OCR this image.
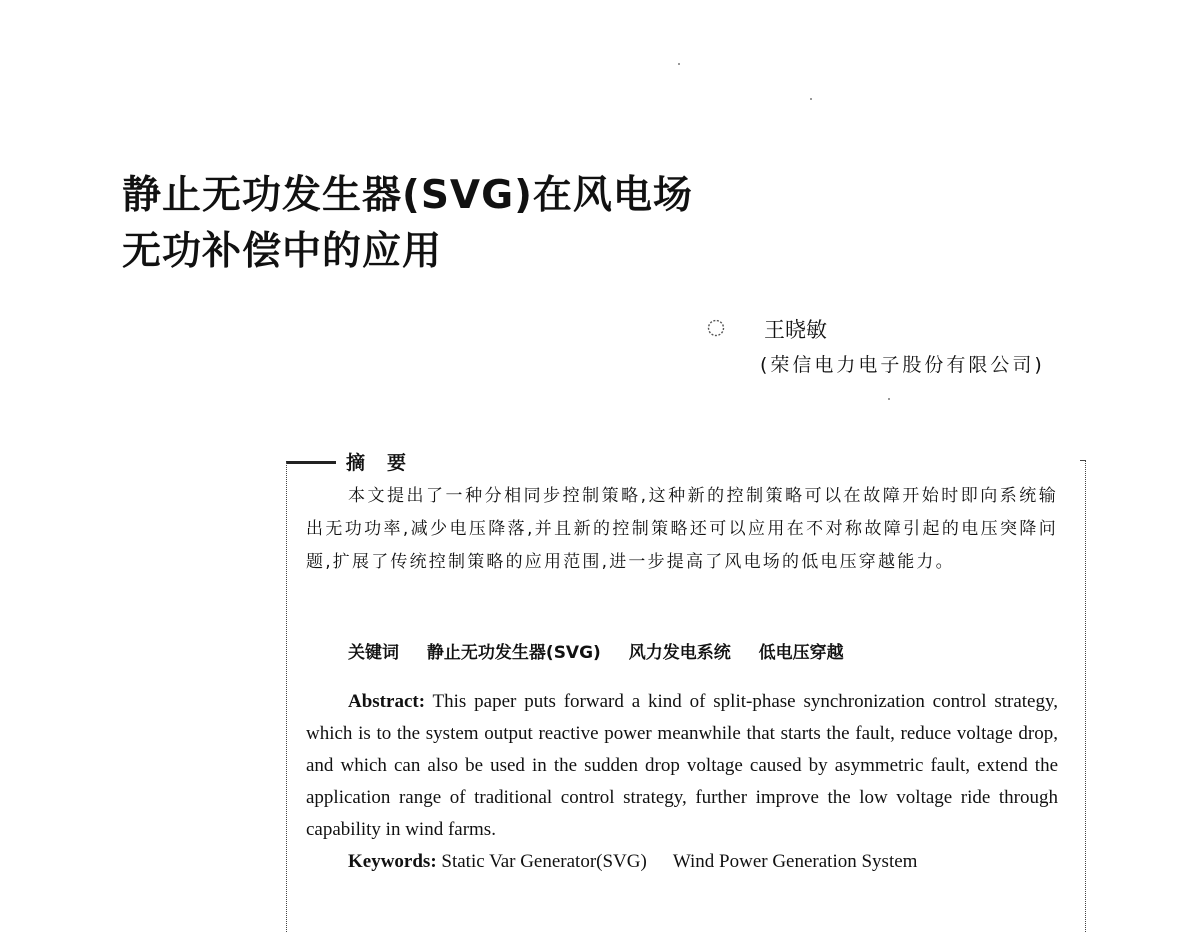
静止无功发生器(SVG)在风电场
无功补偿中的应用
王晓敏
(荣信电力电子股份有限公司)
摘要
本文提出了一种分相同步控制策略,这种新的控制策略可以在故障开始时即向系统输出无功功率,减少电压降落,并且新的控制策略还可以应用在不对称故障引起的电压突降问题,扩展了传统控制策略的应用范围,进一步提高了风电场的低电压穿越能力。
关键词 静止无功发生器(SVG) 风力发电系统 低电压穿越

Abstract: This paper puts forward a kind of split-phase synchronization control strategy, which is to the system output reactive power meanwhile that starts the fault, reduce voltage drop, and which can also be used in the sudden drop voltage caused by asymmetric fault, extend the application range of traditional control strategy, further improve the low voltage ride through capability in wind farms.

Keywords: Static Var Generator(SVG) Wind Power Generation System
